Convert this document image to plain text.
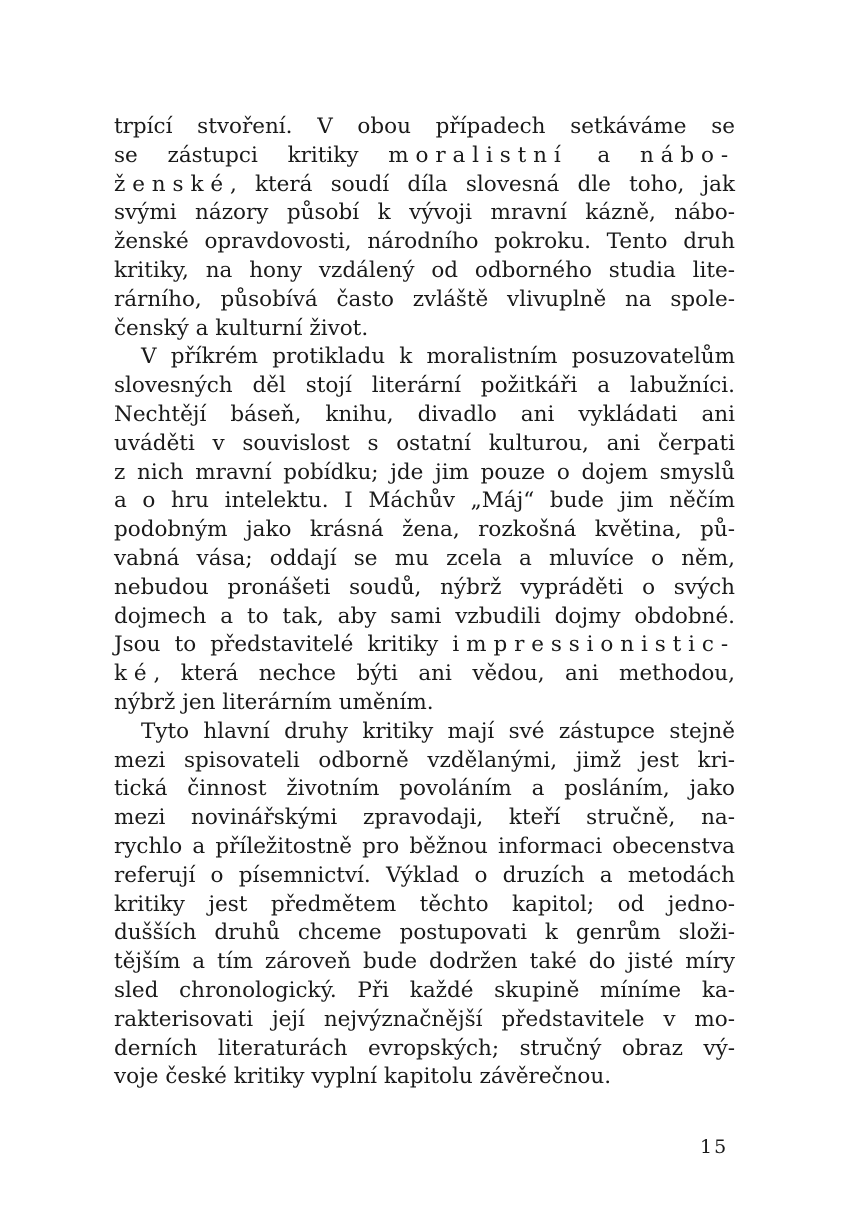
trpící stvoření. V obou případech setkáváme se
se zástupci kritiky moralistní a nábo-
ženské, která soudí díla slovesná dle toho, jak
svými názory působí k vývoji mravní kázně, nábo-
ženské opravdovosti, národního pokroku. Tento druh
kritiky, na hony vzdálený od odborného studia lite-
rárního, působívá často zvláště vlivuplně na spole-
čenský a kulturní život.
V příkrém protikladu k moralistním posuzovatelům
slovesných děl stojí literární požitkáři a labužníci.
Nechtějí báseň, knihu, divadlo ani vykládati ani
uváděti v souvislost s ostatní kulturou, ani čerpati
z nich mravní pobídku; jde jim pouze o dojem smyslů
a o hru intelektu. I Máchův „Máj“ bude jim něčím
podobným jako krásná žena, rozkošná květina, pů-
vabná vása; oddají se mu zcela a mluvíce o něm,
nebudou pronášeti soudů, nýbrž vypráděti o svých
dojmech a to tak, aby sami vzbudili dojmy obdobné.
Jsou to představitelé kritiky impressionistic-
ké, která nechce býti ani vědou, ani methodou,
nýbrž jen literárním uměním.
Tyto hlavní druhy kritiky mají své zástupce stejně
mezi spisovateli odborně vzdělanými, jimž jest kri-
tická činnost životním povoláním a posláním, jako
mezi novinářskými zpravodaji, kteří stručně, na-
rychlo a příležitostně pro běžnou informaci obecenstva
referují o písemnictví. Výklad o druzích a metodách
kritiky jest předmětem těchto kapitol; od jedno-
dušších druhů chceme postupovati k genrům složi-
tějším a tím zároveň bude dodržen také do jisté míry
sled chronologický. Při každé skupině míníme ka-
rakterisovati její nejvýznačnější představitele v mo-
derních literaturách evropských; stručný obraz vý-
voje české kritiky vyplní kapitolu závěrečnou.
15
